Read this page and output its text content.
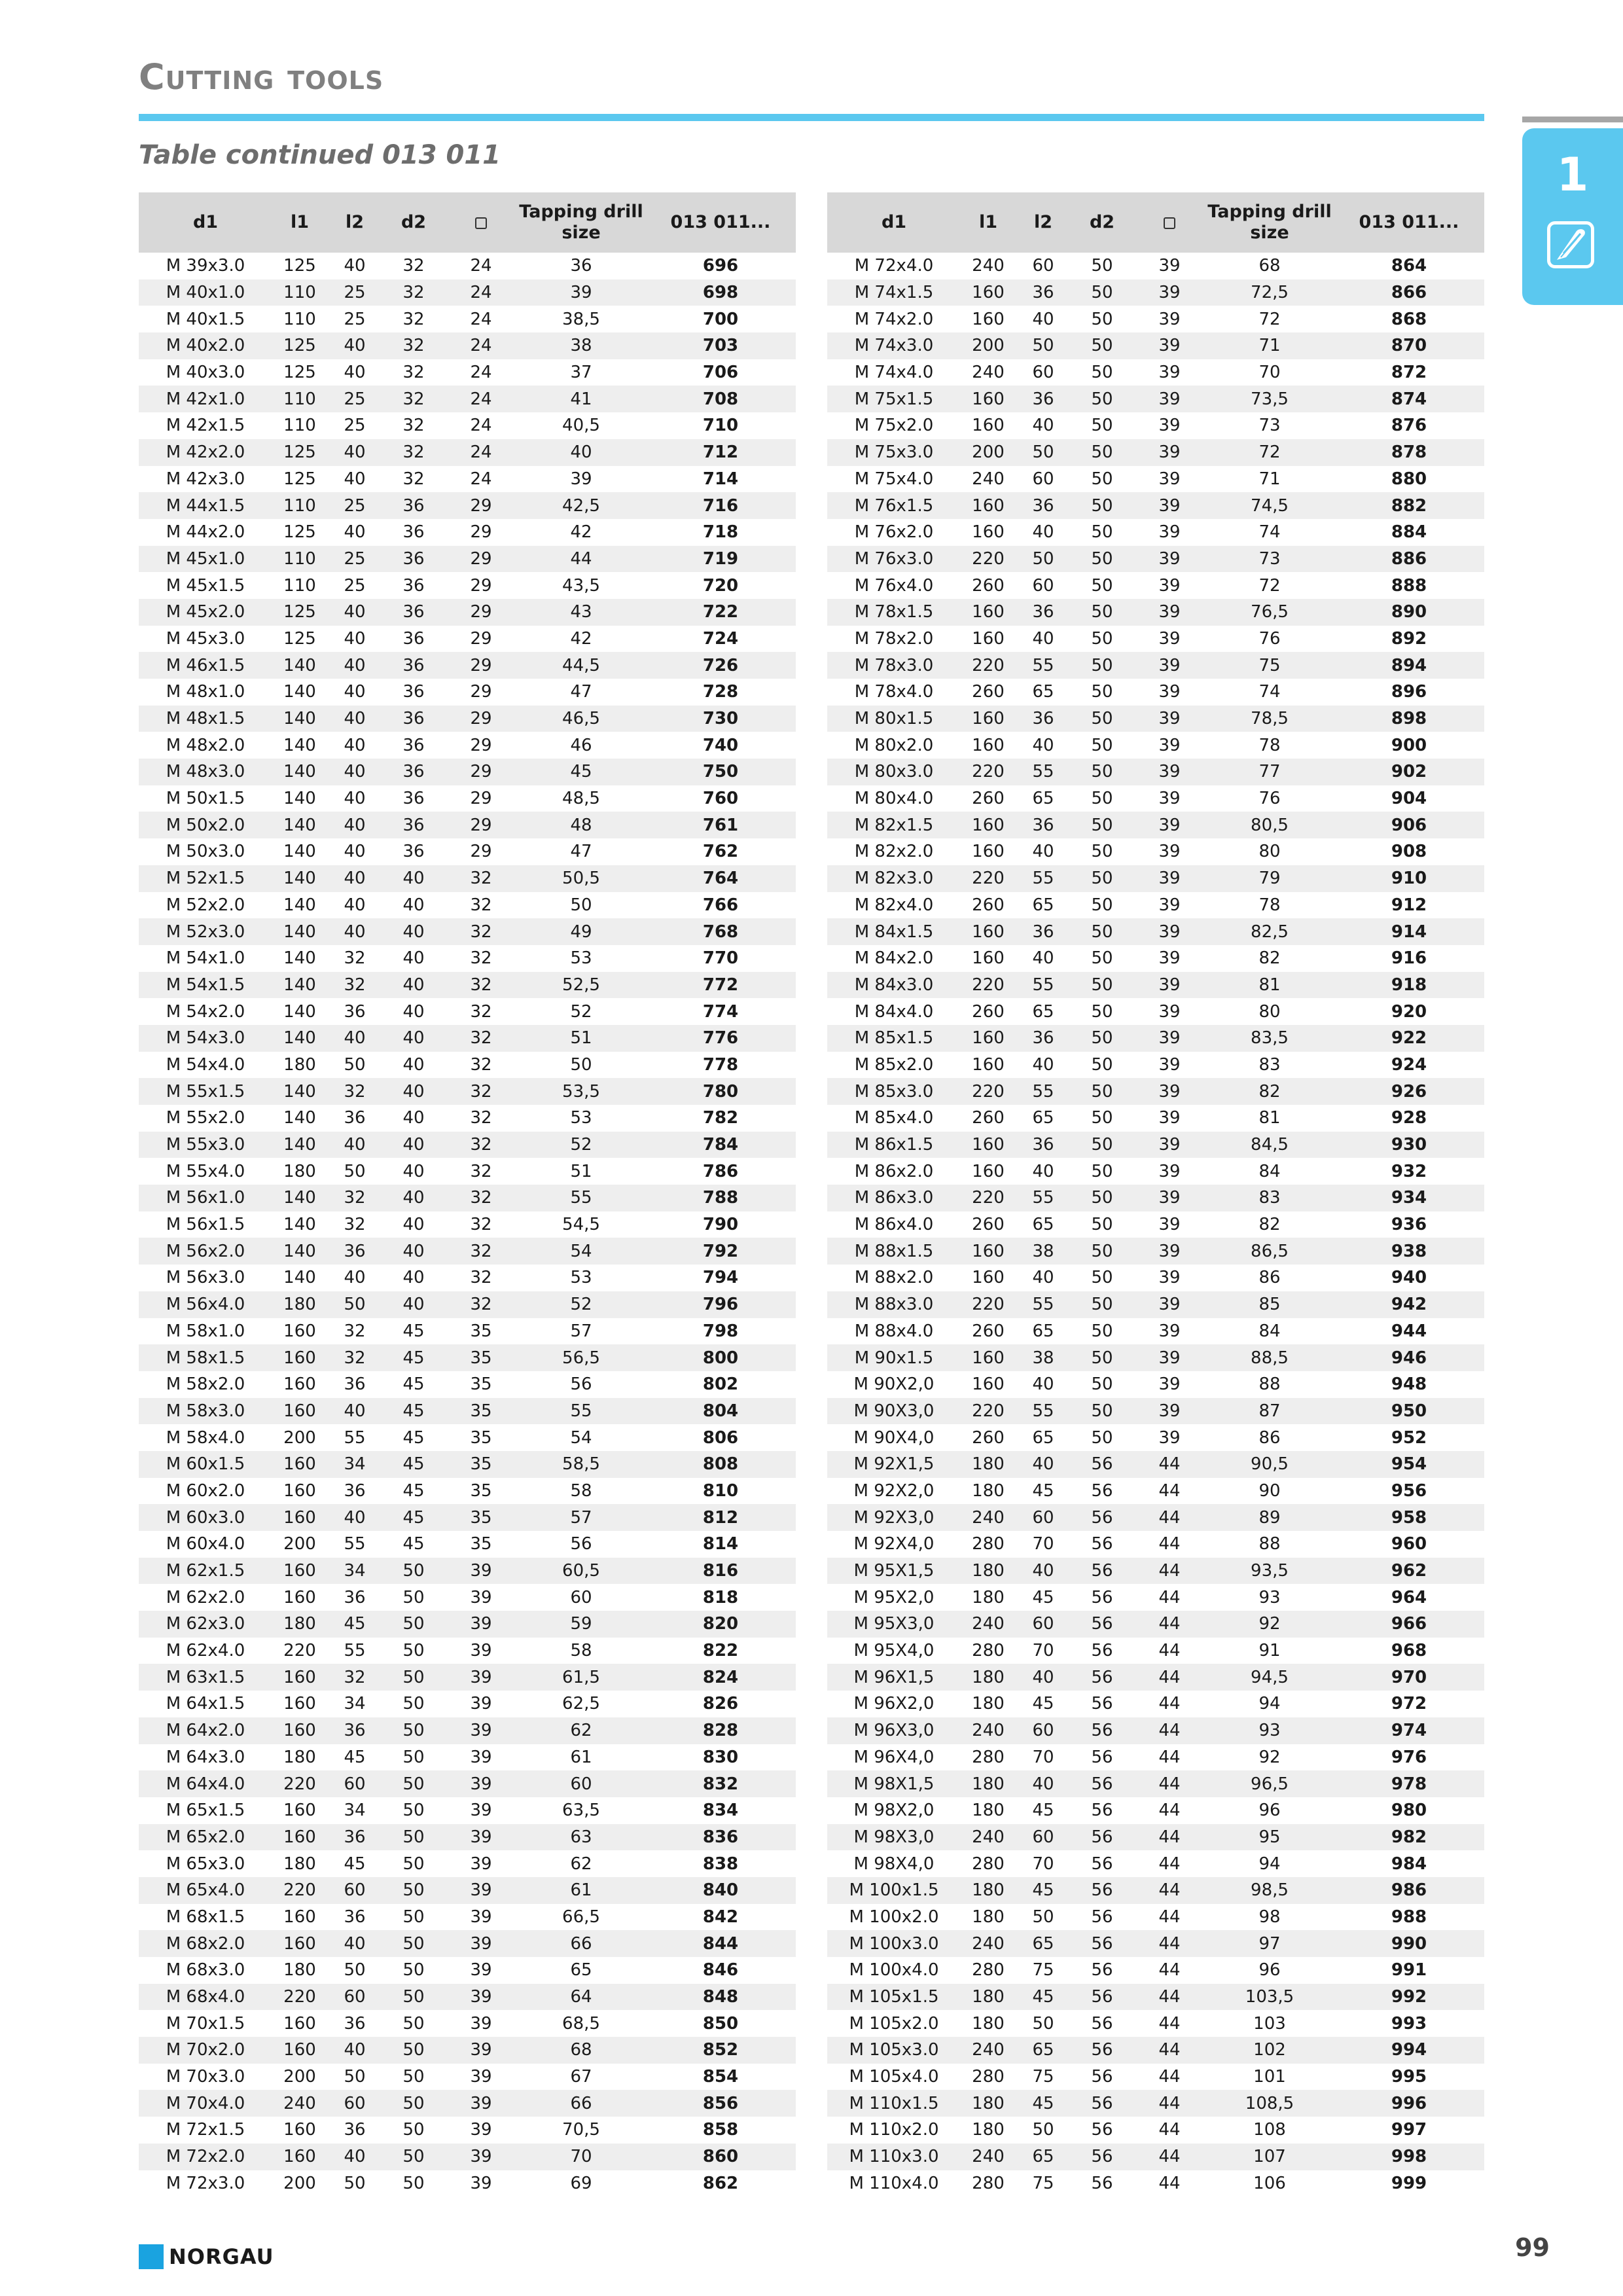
Cutting tools
1
Table continued 013 011
d1	l1	l2	d2		Tapping drill size	013 011...
M 39x3.0	125	40	32	24	36	696
M 40x1.0	110	25	32	24	39	698
M 40x1.5	110	25	32	24	38,5	700
M 40x2.0	125	40	32	24	38	703
M 40x3.0	125	40	32	24	37	706
M 42x1.0	110	25	32	24	41	708
M 42x1.5	110	25	32	24	40,5	710
M 42x2.0	125	40	32	24	40	712
M 42x3.0	125	40	32	24	39	714
M 44x1.5	110	25	36	29	42,5	716
M 44x2.0	125	40	36	29	42	718
M 45x1.0	110	25	36	29	44	719
M 45x1.5	110	25	36	29	43,5	720
M 45x2.0	125	40	36	29	43	722
M 45x3.0	125	40	36	29	42	724
M 46x1.5	140	40	36	29	44,5	726
M 48x1.0	140	40	36	29	47	728
M 48x1.5	140	40	36	29	46,5	730
M 48x2.0	140	40	36	29	46	740
M 48x3.0	140	40	36	29	45	750
M 50x1.5	140	40	36	29	48,5	760
M 50x2.0	140	40	36	29	48	761
M 50x3.0	140	40	36	29	47	762
M 52x1.5	140	40	40	32	50,5	764
M 52x2.0	140	40	40	32	50	766
M 52x3.0	140	40	40	32	49	768
M 54x1.0	140	32	40	32	53	770
M 54x1.5	140	32	40	32	52,5	772
M 54x2.0	140	36	40	32	52	774
M 54x3.0	140	40	40	32	51	776
M 54x4.0	180	50	40	32	50	778
M 55x1.5	140	32	40	32	53,5	780
M 55x2.0	140	36	40	32	53	782
M 55x3.0	140	40	40	32	52	784
M 55x4.0	180	50	40	32	51	786
M 56x1.0	140	32	40	32	55	788
M 56x1.5	140	32	40	32	54,5	790
M 56x2.0	140	36	40	32	54	792
M 56x3.0	140	40	40	32	53	794
M 56x4.0	180	50	40	32	52	796
M 58x1.0	160	32	45	35	57	798
M 58x1.5	160	32	45	35	56,5	800
M 58x2.0	160	36	45	35	56	802
M 58x3.0	160	40	45	35	55	804
M 58x4.0	200	55	45	35	54	806
M 60x1.5	160	34	45	35	58,5	808
M 60x2.0	160	36	45	35	58	810
M 60x3.0	160	40	45	35	57	812
M 60x4.0	200	55	45	35	56	814
M 62x1.5	160	34	50	39	60,5	816
M 62x2.0	160	36	50	39	60	818
M 62x3.0	180	45	50	39	59	820
M 62x4.0	220	55	50	39	58	822
M 63x1.5	160	32	50	39	61,5	824
M 64x1.5	160	34	50	39	62,5	826
M 64x2.0	160	36	50	39	62	828
M 64x3.0	180	45	50	39	61	830
M 64x4.0	220	60	50	39	60	832
M 65x1.5	160	34	50	39	63,5	834
M 65x2.0	160	36	50	39	63	836
M 65x3.0	180	45	50	39	62	838
M 65x4.0	220	60	50	39	61	840
M 68x1.5	160	36	50	39	66,5	842
M 68x2.0	160	40	50	39	66	844
M 68x3.0	180	50	50	39	65	846
M 68x4.0	220	60	50	39	64	848
M 70x1.5	160	36	50	39	68,5	850
M 70x2.0	160	40	50	39	68	852
M 70x3.0	200	50	50	39	67	854
M 70x4.0	240	60	50	39	66	856
M 72x1.5	160	36	50	39	70,5	858
M 72x2.0	160	40	50	39	70	860
M 72x3.0	200	50	50	39	69	862
d1	l1	l2	d2		Tapping drill size	013 011...
M 72x4.0	240	60	50	39	68	864
M 74x1.5	160	36	50	39	72,5	866
M 74x2.0	160	40	50	39	72	868
M 74x3.0	200	50	50	39	71	870
M 74x4.0	240	60	50	39	70	872
M 75x1.5	160	36	50	39	73,5	874
M 75x2.0	160	40	50	39	73	876
M 75x3.0	200	50	50	39	72	878
M 75x4.0	240	60	50	39	71	880
M 76x1.5	160	36	50	39	74,5	882
M 76x2.0	160	40	50	39	74	884
M 76x3.0	220	50	50	39	73	886
M 76x4.0	260	60	50	39	72	888
M 78x1.5	160	36	50	39	76,5	890
M 78x2.0	160	40	50	39	76	892
M 78x3.0	220	55	50	39	75	894
M 78x4.0	260	65	50	39	74	896
M 80x1.5	160	36	50	39	78,5	898
M 80x2.0	160	40	50	39	78	900
M 80x3.0	220	55	50	39	77	902
M 80x4.0	260	65	50	39	76	904
M 82x1.5	160	36	50	39	80,5	906
M 82x2.0	160	40	50	39	80	908
M 82x3.0	220	55	50	39	79	910
M 82x4.0	260	65	50	39	78	912
M 84x1.5	160	36	50	39	82,5	914
M 84x2.0	160	40	50	39	82	916
M 84x3.0	220	55	50	39	81	918
M 84x4.0	260	65	50	39	80	920
M 85x1.5	160	36	50	39	83,5	922
M 85x2.0	160	40	50	39	83	924
M 85x3.0	220	55	50	39	82	926
M 85x4.0	260	65	50	39	81	928
M 86x1.5	160	36	50	39	84,5	930
M 86x2.0	160	40	50	39	84	932
M 86x3.0	220	55	50	39	83	934
M 86x4.0	260	65	50	39	82	936
M 88x1.5	160	38	50	39	86,5	938
M 88x2.0	160	40	50	39	86	940
M 88x3.0	220	55	50	39	85	942
M 88x4.0	260	65	50	39	84	944
M 90x1.5	160	38	50	39	88,5	946
M 90X2,0	160	40	50	39	88	948
M 90X3,0	220	55	50	39	87	950
M 90X4,0	260	65	50	39	86	952
M 92X1,5	180	40	56	44	90,5	954
M 92X2,0	180	45	56	44	90	956
M 92X3,0	240	60	56	44	89	958
M 92X4,0	280	70	56	44	88	960
M 95X1,5	180	40	56	44	93,5	962
M 95X2,0	180	45	56	44	93	964
M 95X3,0	240	60	56	44	92	966
M 95X4,0	280	70	56	44	91	968
M 96X1,5	180	40	56	44	94,5	970
M 96X2,0	180	45	56	44	94	972
M 96X3,0	240	60	56	44	93	974
M 96X4,0	280	70	56	44	92	976
M 98X1,5	180	40	56	44	96,5	978
M 98X2,0	180	45	56	44	96	980
M 98X3,0	240	60	56	44	95	982
M 98X4,0	280	70	56	44	94	984
M 100x1.5	180	45	56	44	98,5	986
M 100x2.0	180	50	56	44	98	988
M 100x3.0	240	65	56	44	97	990
M 100x4.0	280	75	56	44	96	991
M 105x1.5	180	45	56	44	103,5	992
M 105x2.0	180	50	56	44	103	993
M 105x3.0	240	65	56	44	102	994
M 105x4.0	280	75	56	44	101	995
M 110x1.5	180	45	56	44	108,5	996
M 110x2.0	180	50	56	44	108	997
M 110x3.0	240	65	56	44	107	998
M 110x4.0	280	75	56	44	106	999
NORGAU	99
